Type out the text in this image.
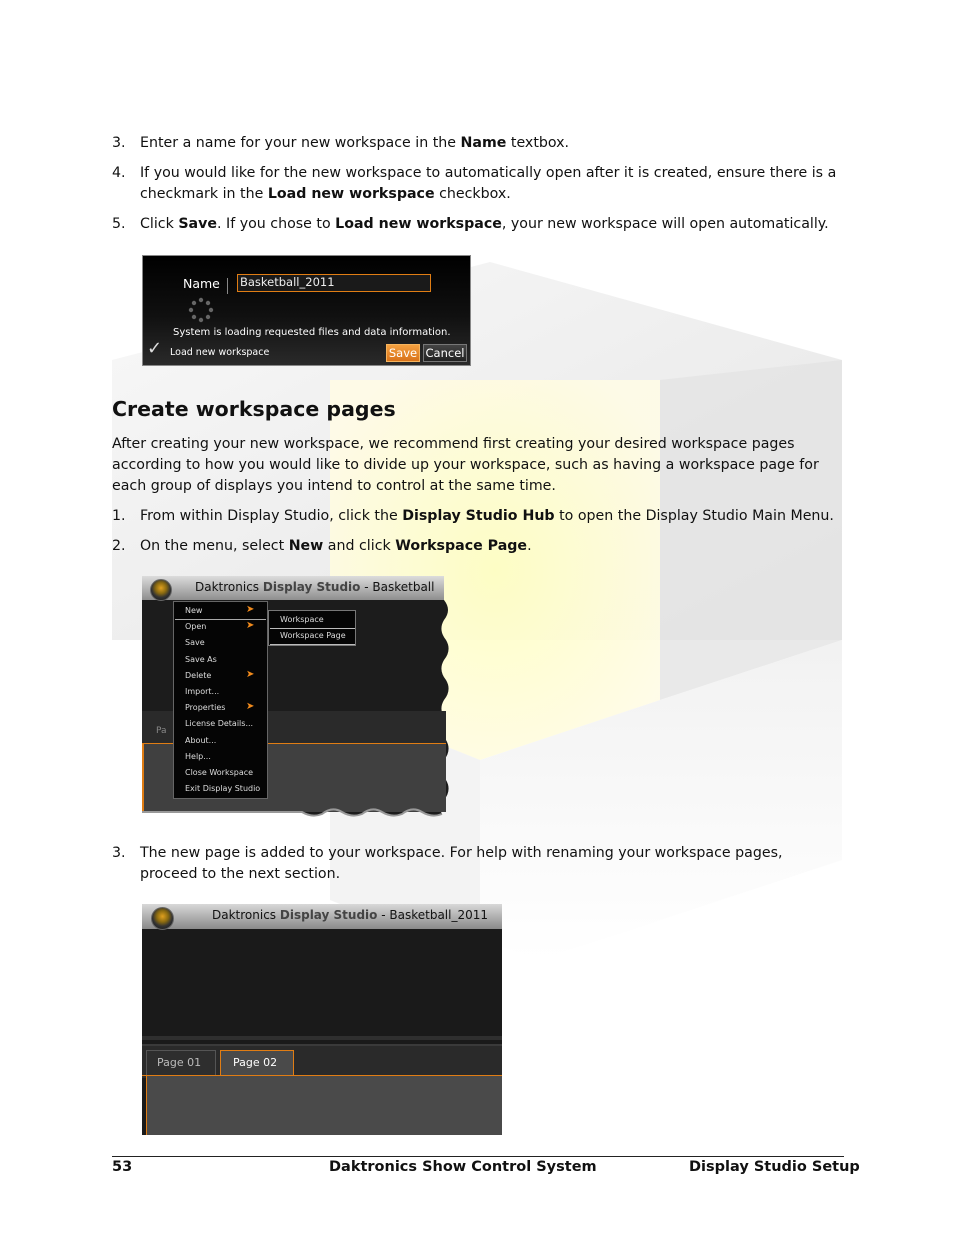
3.	Enter a name for your new workspace in the Name textbox.
4.	If you would like for the new workspace to automatically open after it is created, ensure there is a checkmark in the Load new workspace checkbox.
5.	Click Save. If you chose to Load new workspace, your new workspace will open automatically.
Name Basketball_2011
System is loading requested files and data information.
✓ Load new workspace	Save Cancel
Create workspace pages

After creating your new workspace, we recommend first creating your desired workspace pages according to how you would like to divide up your workspace, such as having a workspace page for each group of displays you intend to control at the same time.

1.	From within Display Studio, click the Display Studio Hub to open the Display Studio Main Menu.
2.	On the menu, select New and click Workspace Page.
Daktronics Display Studio - Basketball
Pa
New	➤
Open	➤
Save
Save As
Delete	➤
Import...
Properties ➤
License Details...
About...
Help...
Close Workspace
Exit Display Studio
Workspace
Workspace Page
3.	The new page is added to your workspace. For help with renaming your workspace pages, proceed to the next section.
Daktronics Display Studio - Basketball_2011
Page 01	Page 02
53	Daktronics Show Control System	Display Studio Setup
